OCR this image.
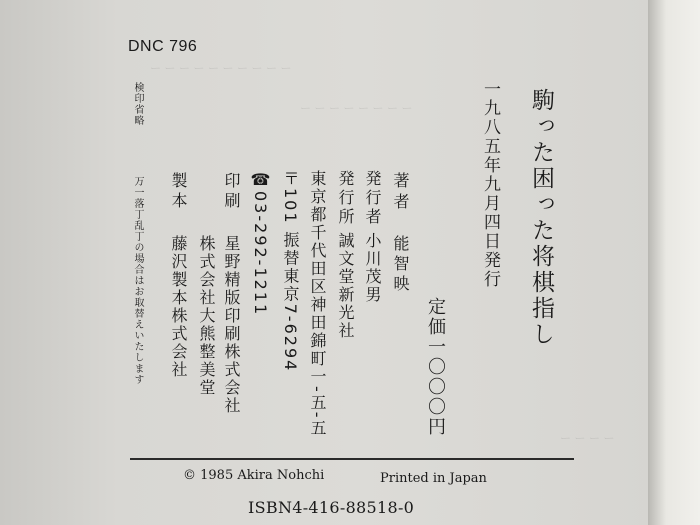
ー ー ー ー ー ー ー ー ー ー
ー ー ー ー ー ー ー ー
ー ー ー ー
DNC 796
駒った困った将棋指し
一九八五年九月四日発行
定価一〇〇〇円
著者
能智映
発行者
小川茂男
発行所
誠文堂新光社
東京都千代田区神田錦町一-五-五
〒101 振替東京7-6294
☎03-292-1211
印刷
星野精版印刷株式会社
株式会社大熊整美堂
製本
藤沢製本株式会社
検印省略
万一落丁乱丁の場合はお取替えいたします
© 1985 Akira Nohchi	Printed in Japan
ISBN4-416-88518-0
